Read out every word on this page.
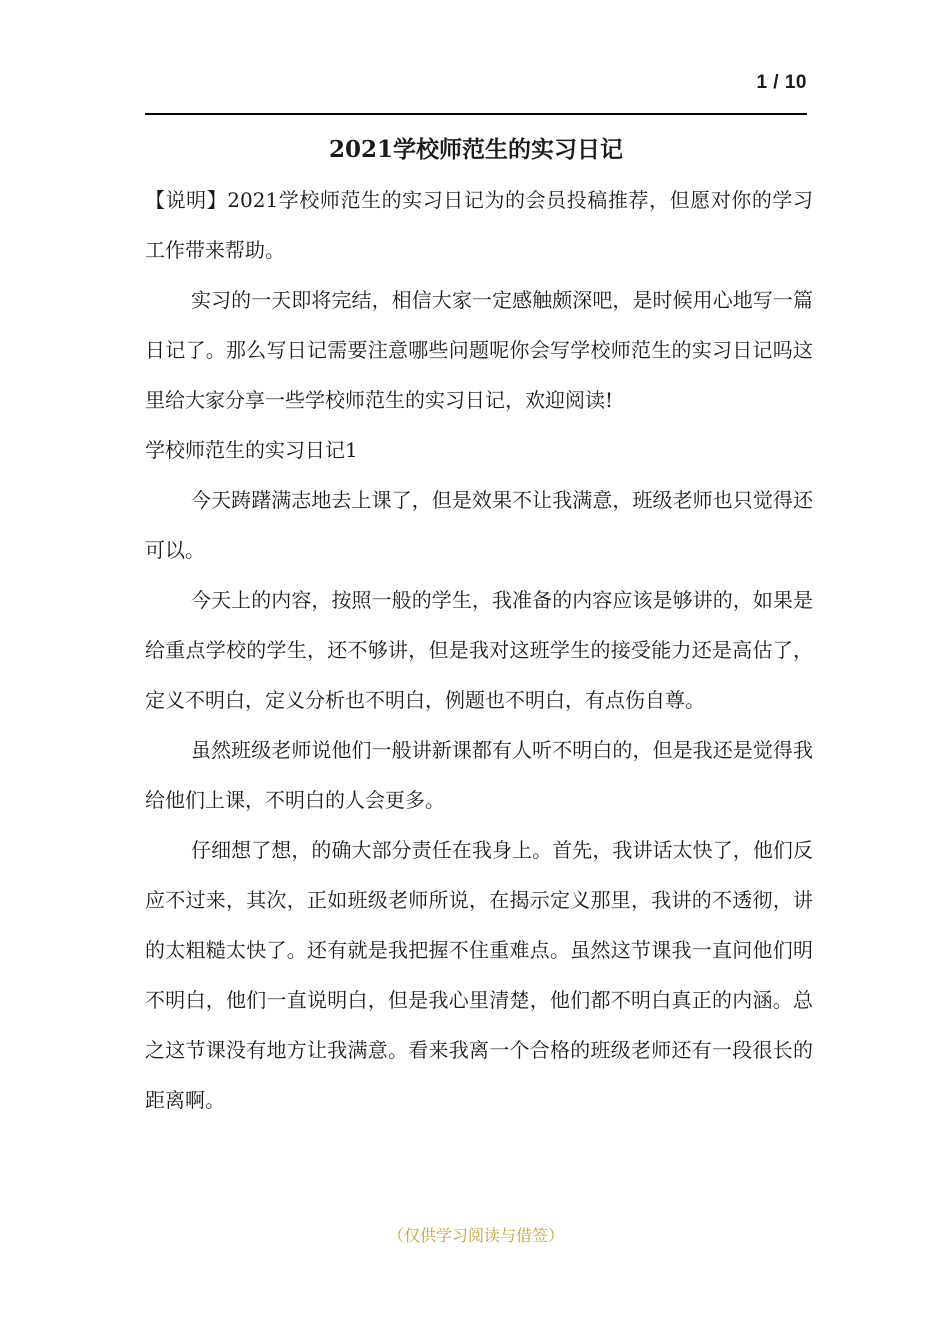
1 / 10
2021学校师范生的实习日记

【说明】2021学校师范生的实习日记为的会员投稿推荐，但愿对你的学习工作带来帮助。

实习的一天即将完结，相信大家一定感触颇深吧，是时候用心地写一篇日记了。那么写日记需要注意哪些问题呢你会写学校师范生的实习日记吗这里给大家分享一些学校师范生的实习日记，欢迎阅读!

学校师范生的实习日记1

今天踌躇满志地去上课了，但是效果不让我满意，班级老师也只觉得还可以。

今天上的内容，按照一般的学生，我准备的内容应该是够讲的，如果是给重点学校的学生，还不够讲，但是我对这班学生的接受能力还是高估了，定义不明白，定义分析也不明白，例题也不明白，有点伤自尊。

虽然班级老师说他们一般讲新课都有人听不明白的，但是我还是觉得我给他们上课，不明白的人会更多。

仔细想了想，的确大部分责任在我身上。首先，我讲话太快了，他们反应不过来，其次，正如班级老师所说，在揭示定义那里，我讲的不透彻，讲的太粗糙太快了。还有就是我把握不住重难点。虽然这节课我一直问他们明不明白，他们一直说明白，但是我心里清楚，他们都不明白真正的内涵。总之这节课没有地方让我满意。看来我离一个合格的班级老师还有一段很长的距离啊。

（仅供学习阅读与借签）
